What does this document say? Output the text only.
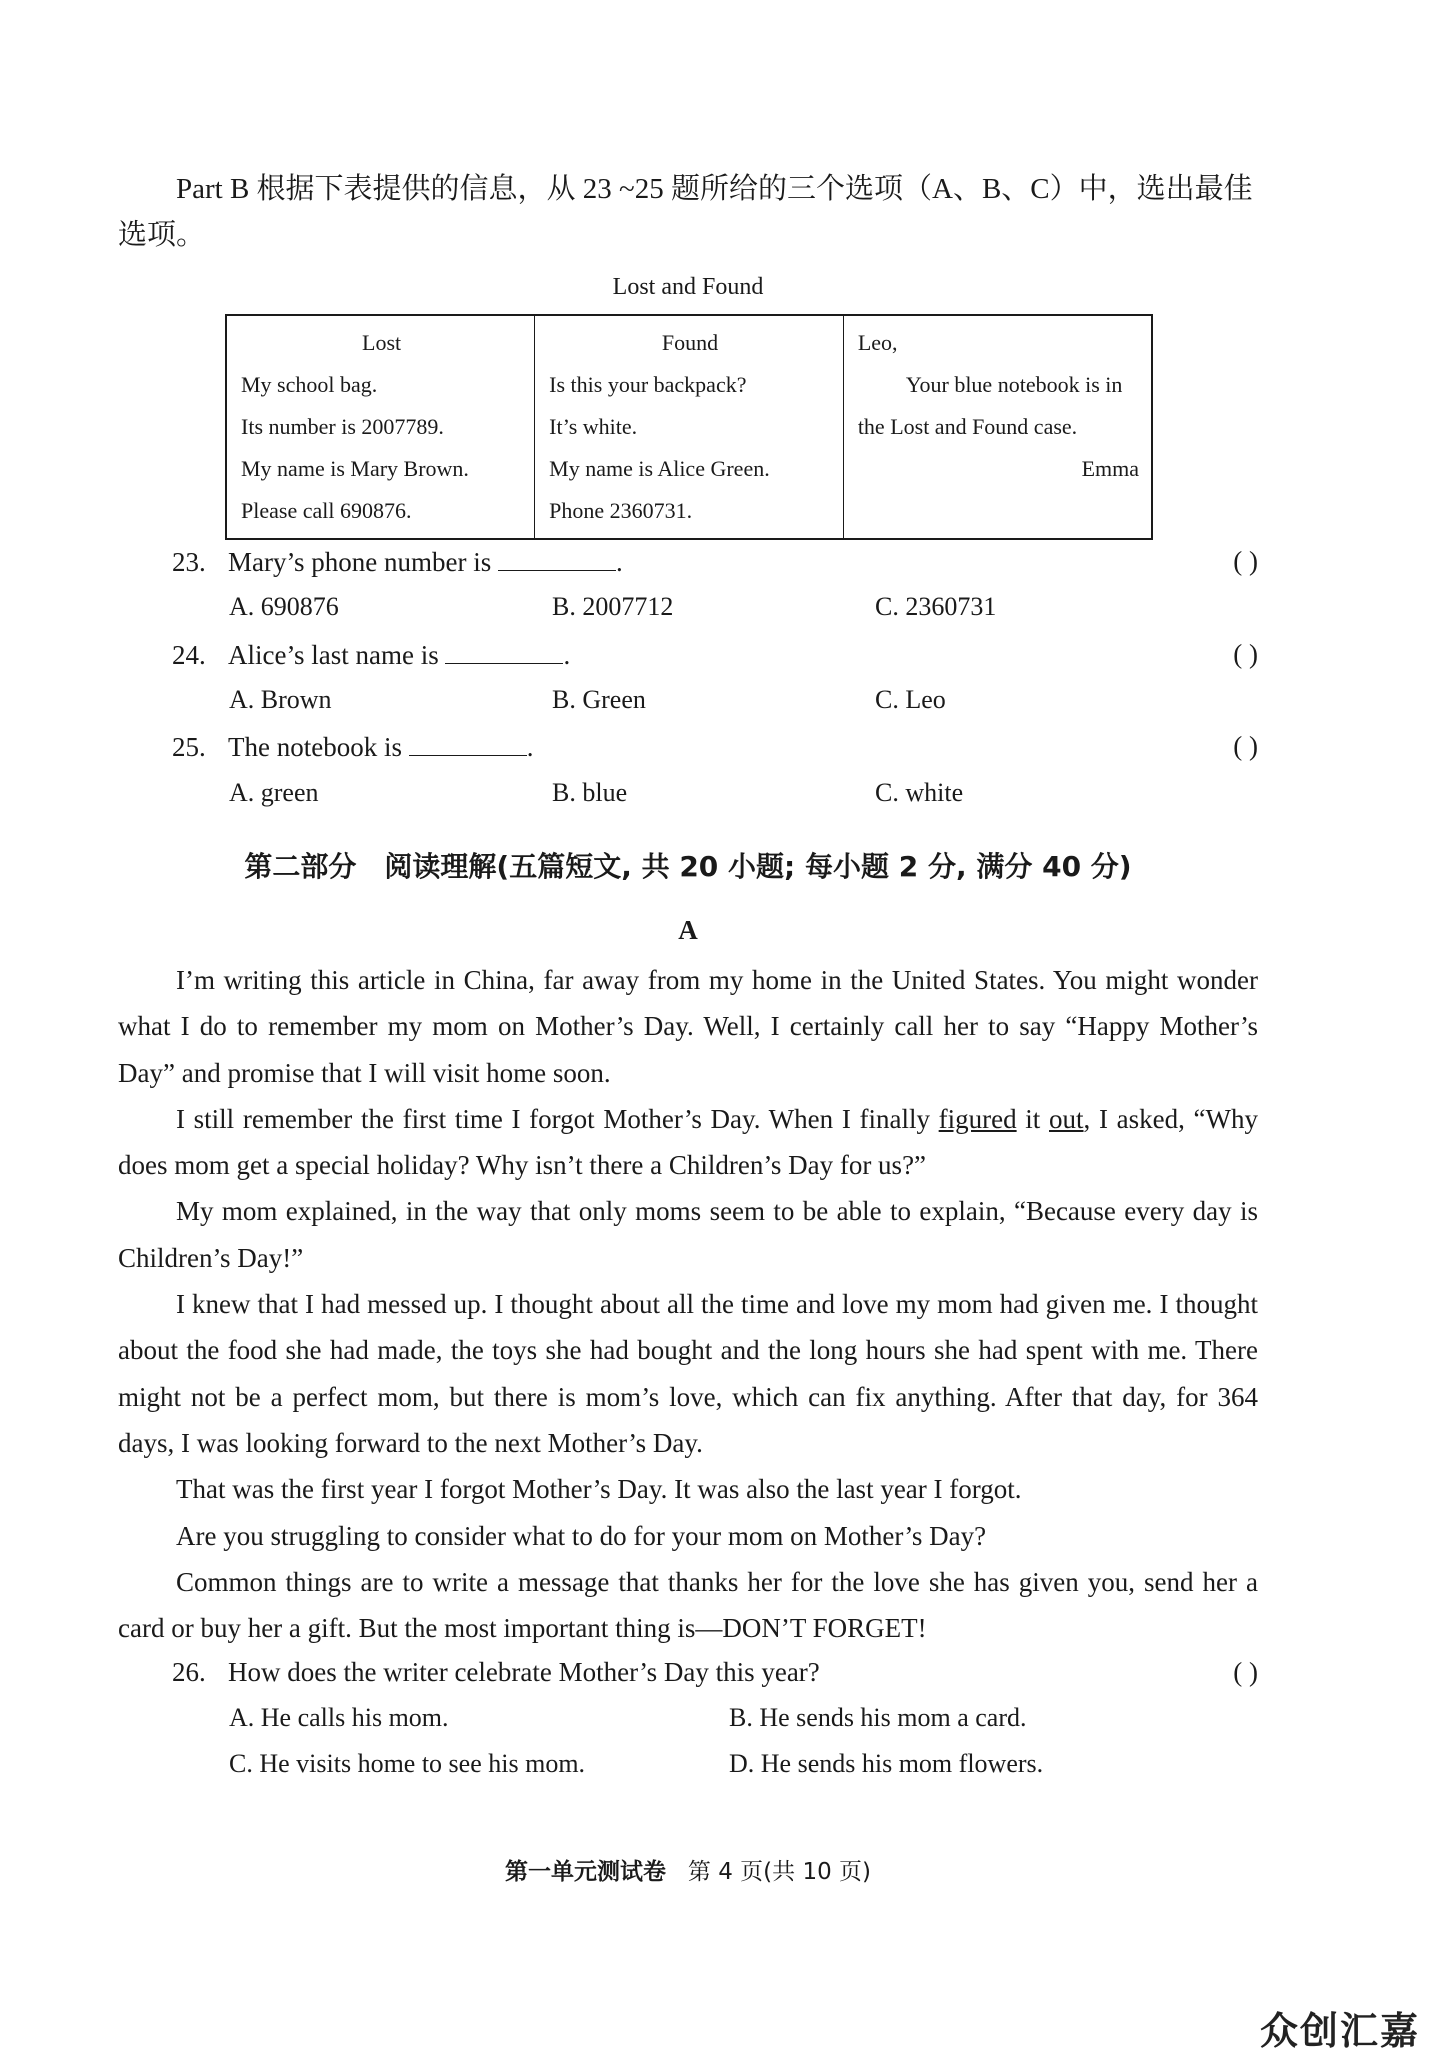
Part B 根据下表提供的信息，从 23 ~25 题所给的三个选项（A、B、C）中，选出最佳
选项。
Lost and Found
Lost
My school bag.
Its number is 2007789.
My name is Mary Brown.
Please call 690876.

Found
Is this your backpack?
It’s white.
My name is Alice Green.
Phone 2360731.

Leo,
Your blue notebook is in the Lost and Found case.
Emma
23. Mary’s phone number is	.	( )
A. 690876	B. 2007712	C. 2360731
24. Alice’s last name is	.	( )
A. Brown	B. Green	C. Leo
25. The notebook is	.	( )
A. green	B. blue	C. white
第二部分　阅读理解(五篇短文, 共 20 小题; 每小题 2 分, 满分 40 分)
A

I’m writing this article in China, far away from my home in the United States. You might wonder what I do to remember my mom on Mother’s Day. Well, I certainly call her to say “Happy Mother’s Day” and promise that I will visit home soon.

I still remember the first time I forgot Mother’s Day. When I finally figured it out, I asked, “Why does mom get a special holiday? Why isn’t there a Children’s Day for us?”

My mom explained, in the way that only moms seem to be able to explain, “Because every day is Children’s Day!”

I knew that I had messed up. I thought about all the time and love my mom had given me. I thought about the food she had made, the toys she had bought and the long hours she had spent with me. There might not be a perfect mom, but there is mom’s love, which can fix anything. After that day, for 364 days, I was looking forward to the next Mother’s Day.

That was the first year I forgot Mother’s Day. It was also the last year I forgot.

Are you struggling to consider what to do for your mom on Mother’s Day?

Common things are to write a message that thanks her for the love she has given you, send her a card or buy her a gift. But the most important thing is—DON’T FORGET!

26. How does the writer celebrate Mother’s Day this year?	( )
A. He calls his mom.	B. He sends his mom a card.
C. He visits home to see his mom.	D. He sends his mom flowers.
第一单元测试卷 第 4 页(共 10 页)
众创汇嘉
